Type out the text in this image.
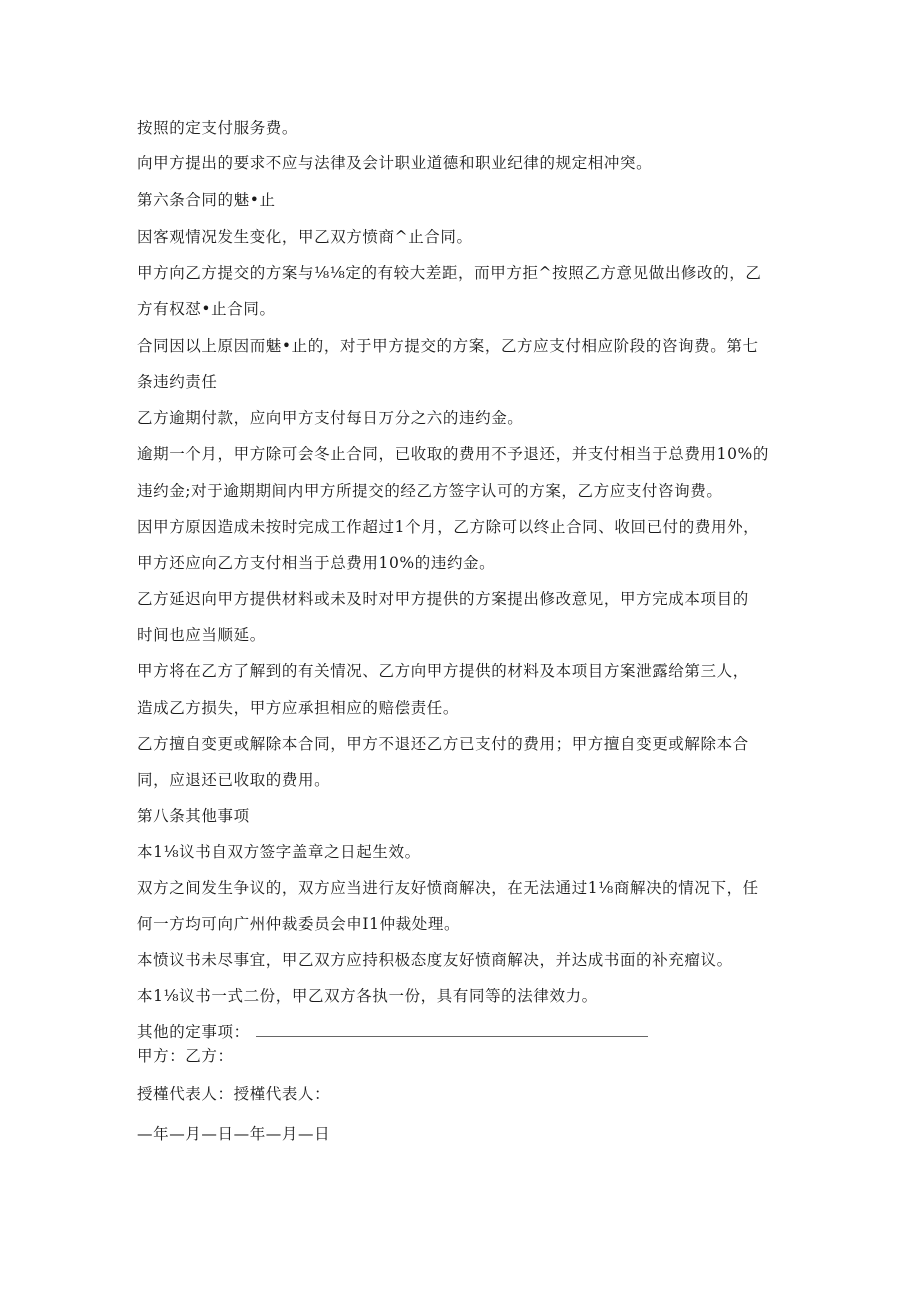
按照的定支付服务费。
向甲方提出的要求不应与法律及会计职业道德和职业纪律的规定相冲突。
第六条合同的魅•止
因客观情况发生变化，甲乙双方愤商^止合同。
甲方向乙方提交的方案与⅛⅛定的有较大差距，而甲方拒^按照乙方意见做出修改的，乙
方有权怼•止合同。
合同因以上原因而魅•止的，对于甲方提交的方案，乙方应支付相应阶段的咨询费。第七
条违约责任
乙方逾期付款，应向甲方支付每日万分之六的违约金。
逾期一个月，甲方除可会冬止合同，已收取的费用不予退还，并支付相当于总费用10%的
违约金;对于逾期期间内甲方所提交的经乙方签字认可的方案，乙方应支付咨询费。
因甲方原因造成未按时完成工作超过1个月，乙方除可以终止合同、收回已付的费用外，
甲方还应向乙方支付相当于总费用10%的违约金。
乙方延迟向甲方提供材料或未及时对甲方提供的方案提出修改意见，甲方完成本项目的
时间也应当顺延。
甲方将在乙方了解到的有关情况、乙方向甲方提供的材料及本项目方案泄露给第三人，
造成乙方损失，甲方应承担相应的赔偿责任。
乙方擅自变更或解除本合同，甲方不退还乙方已支付的费用；甲方擅自变更或解除本合
同，应退还已收取的费用。
第八条其他事项
本1⅛议书自双方签字盖章之日起生效。
双方之间发生争议的，双方应当进行友好愤商解决，在无法通过1⅛商解决的情况下，任
何一方均可向广州仲裁委员会申I1仲裁处理。
本愤议书未尽事宜，甲乙双方应持积极态度友好愤商解决，并达成书面的补充瘤议。
本1⅛议书一式二份，甲乙双方各执一份，具有同等的法律效力。
其他的定事项：
甲方：乙方：
授槿代表人：授槿代表人：
—年—月—日—年—月—日
